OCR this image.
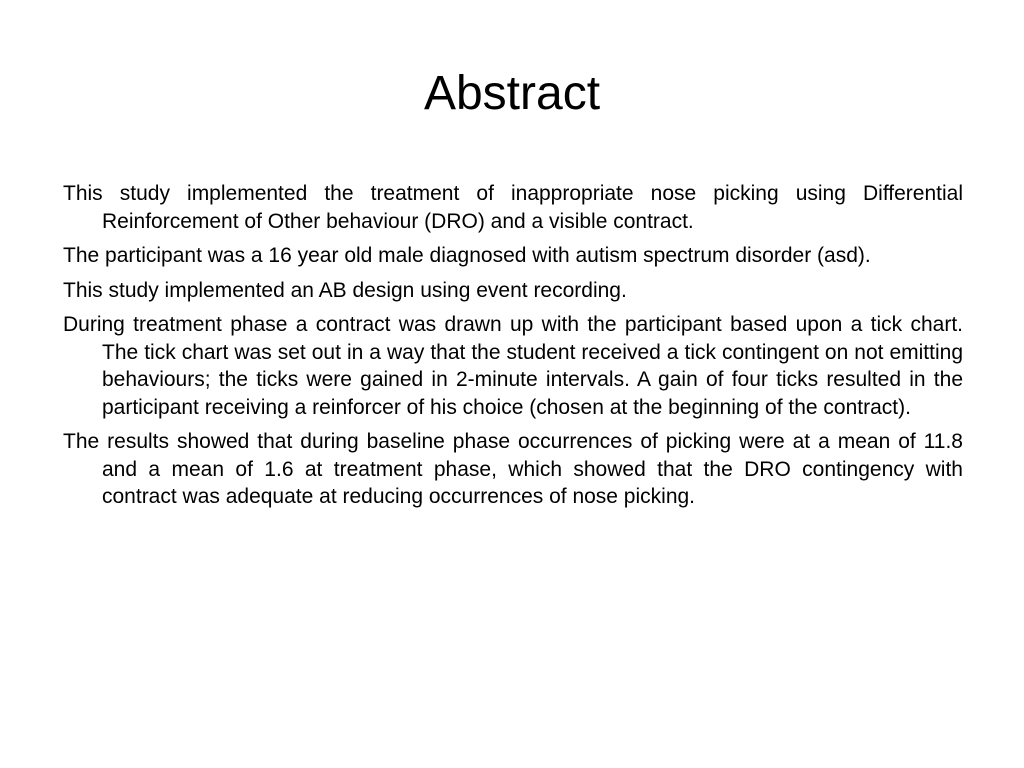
Abstract
This study implemented the treatment of inappropriate nose picking using Differential Reinforcement of Other behaviour (DRO) and a visible contract.
The participant was a 16 year old male diagnosed with autism spectrum disorder (asd).
This study implemented an AB design using event recording.
During treatment phase a contract was drawn up with the participant based upon a tick chart. The tick chart was set out in a way that the student received a tick contingent on not emitting behaviours; the ticks were gained in 2-minute intervals. A gain of four ticks resulted in the participant receiving a reinforcer of his choice (chosen at the beginning of the contract).
The results showed that during baseline phase occurrences of picking were at a mean of 11.8 and a mean of 1.6 at treatment phase, which showed that the DRO contingency with contract was adequate at reducing occurrences of nose picking.
